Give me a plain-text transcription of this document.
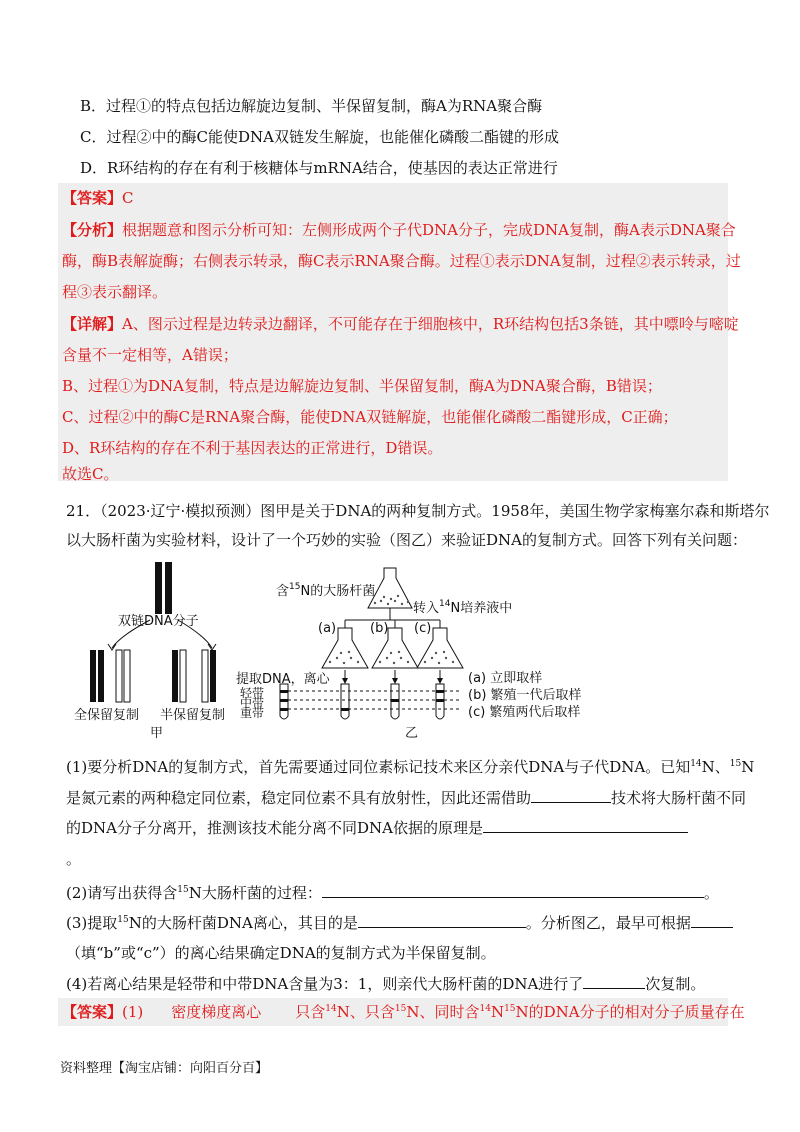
B．过程①的特点包括边解旋边复制、半保留复制，酶A为RNA聚合酶
C．过程②中的酶C能使DNA双链发生解旋，也能催化磷酸二酯键的形成
D．R环结构的存在有利于核糖体与mRNA结合，使基因的表达正常进行
【答案】C
【分析】根据题意和图示分析可知：左侧形成两个子代DNA分子，完成DNA复制，酶A表示DNA聚合
酶，酶B表解旋酶；右侧表示转录，酶C表示RNA聚合酶。过程①表示DNA复制，过程②表示转录，过
程③表示翻译。
【详解】A、图示过程是边转录边翻译，不可能存在于细胞核中，R环结构包括3条链，其中嘌呤与嘧啶
含量不一定相等，A错误；
B、过程①为DNA复制，特点是边解旋边复制、半保留复制，酶A为DNA聚合酶，B错误；
C、过程②中的酶C是RNA聚合酶，能使DNA双链解旋，也能催化磷酸二酯键形成，C正确；
D、R环结构的存在不利于基因表达的正常进行，D错误。
故选C。
21．（2023·辽宁·模拟预测）图甲是关于DNA的两种复制方式。1958年，美国生物学家梅塞尔森和斯塔尔
以大肠杆菌为实验材料，设计了一个巧妙的实验（图乙）来验证DNA的复制方式。回答下列有关问题：
双链DNA分子
全保留复制 半保留复制
甲	乙
含$^{15}$N的大肠杆菌
转入$^{14}$N培养液中
(a)	(b) (c)
提取DNA，离心
轻带
中带
重带
(a) 立即取样
(b) 繁殖一代后取样
(c) 繁殖两代后取样
(1)要分析DNA的复制方式，首先需要通过同位素标记技术来区分亲代DNA与子代DNA。已知$^{14}$N、$^{15}$N
是氮元素的两种稳定同位素，稳定同位素不具有放射性，因此还需借助	技术将大肠杆菌不同
的DNA分子分离开，推测该技术能分离不同DNA依据的原理是
。
(2)请写出获得含$^{15}$N大肠杆菌的过程：	。
(3)提取$^{15}$N的大肠杆菌DNA离心，其目的是	。分析图乙，最早可根据
（填“b”或“c”）的离心结果确定DNA的复制方式为半保留复制。
(4)若离心结果是轻带和中带DNA含量为3：1，则亲代大肠杆菌的DNA进行了	次复制。
【答案】(1) 密度梯度离心 只含$^{14}$N、只含$^{15}$N、同时含$^{14}N^{15}N$的DNA分子的相对分子质量存在
资料整理【淘宝店铺：向阳百分百】
